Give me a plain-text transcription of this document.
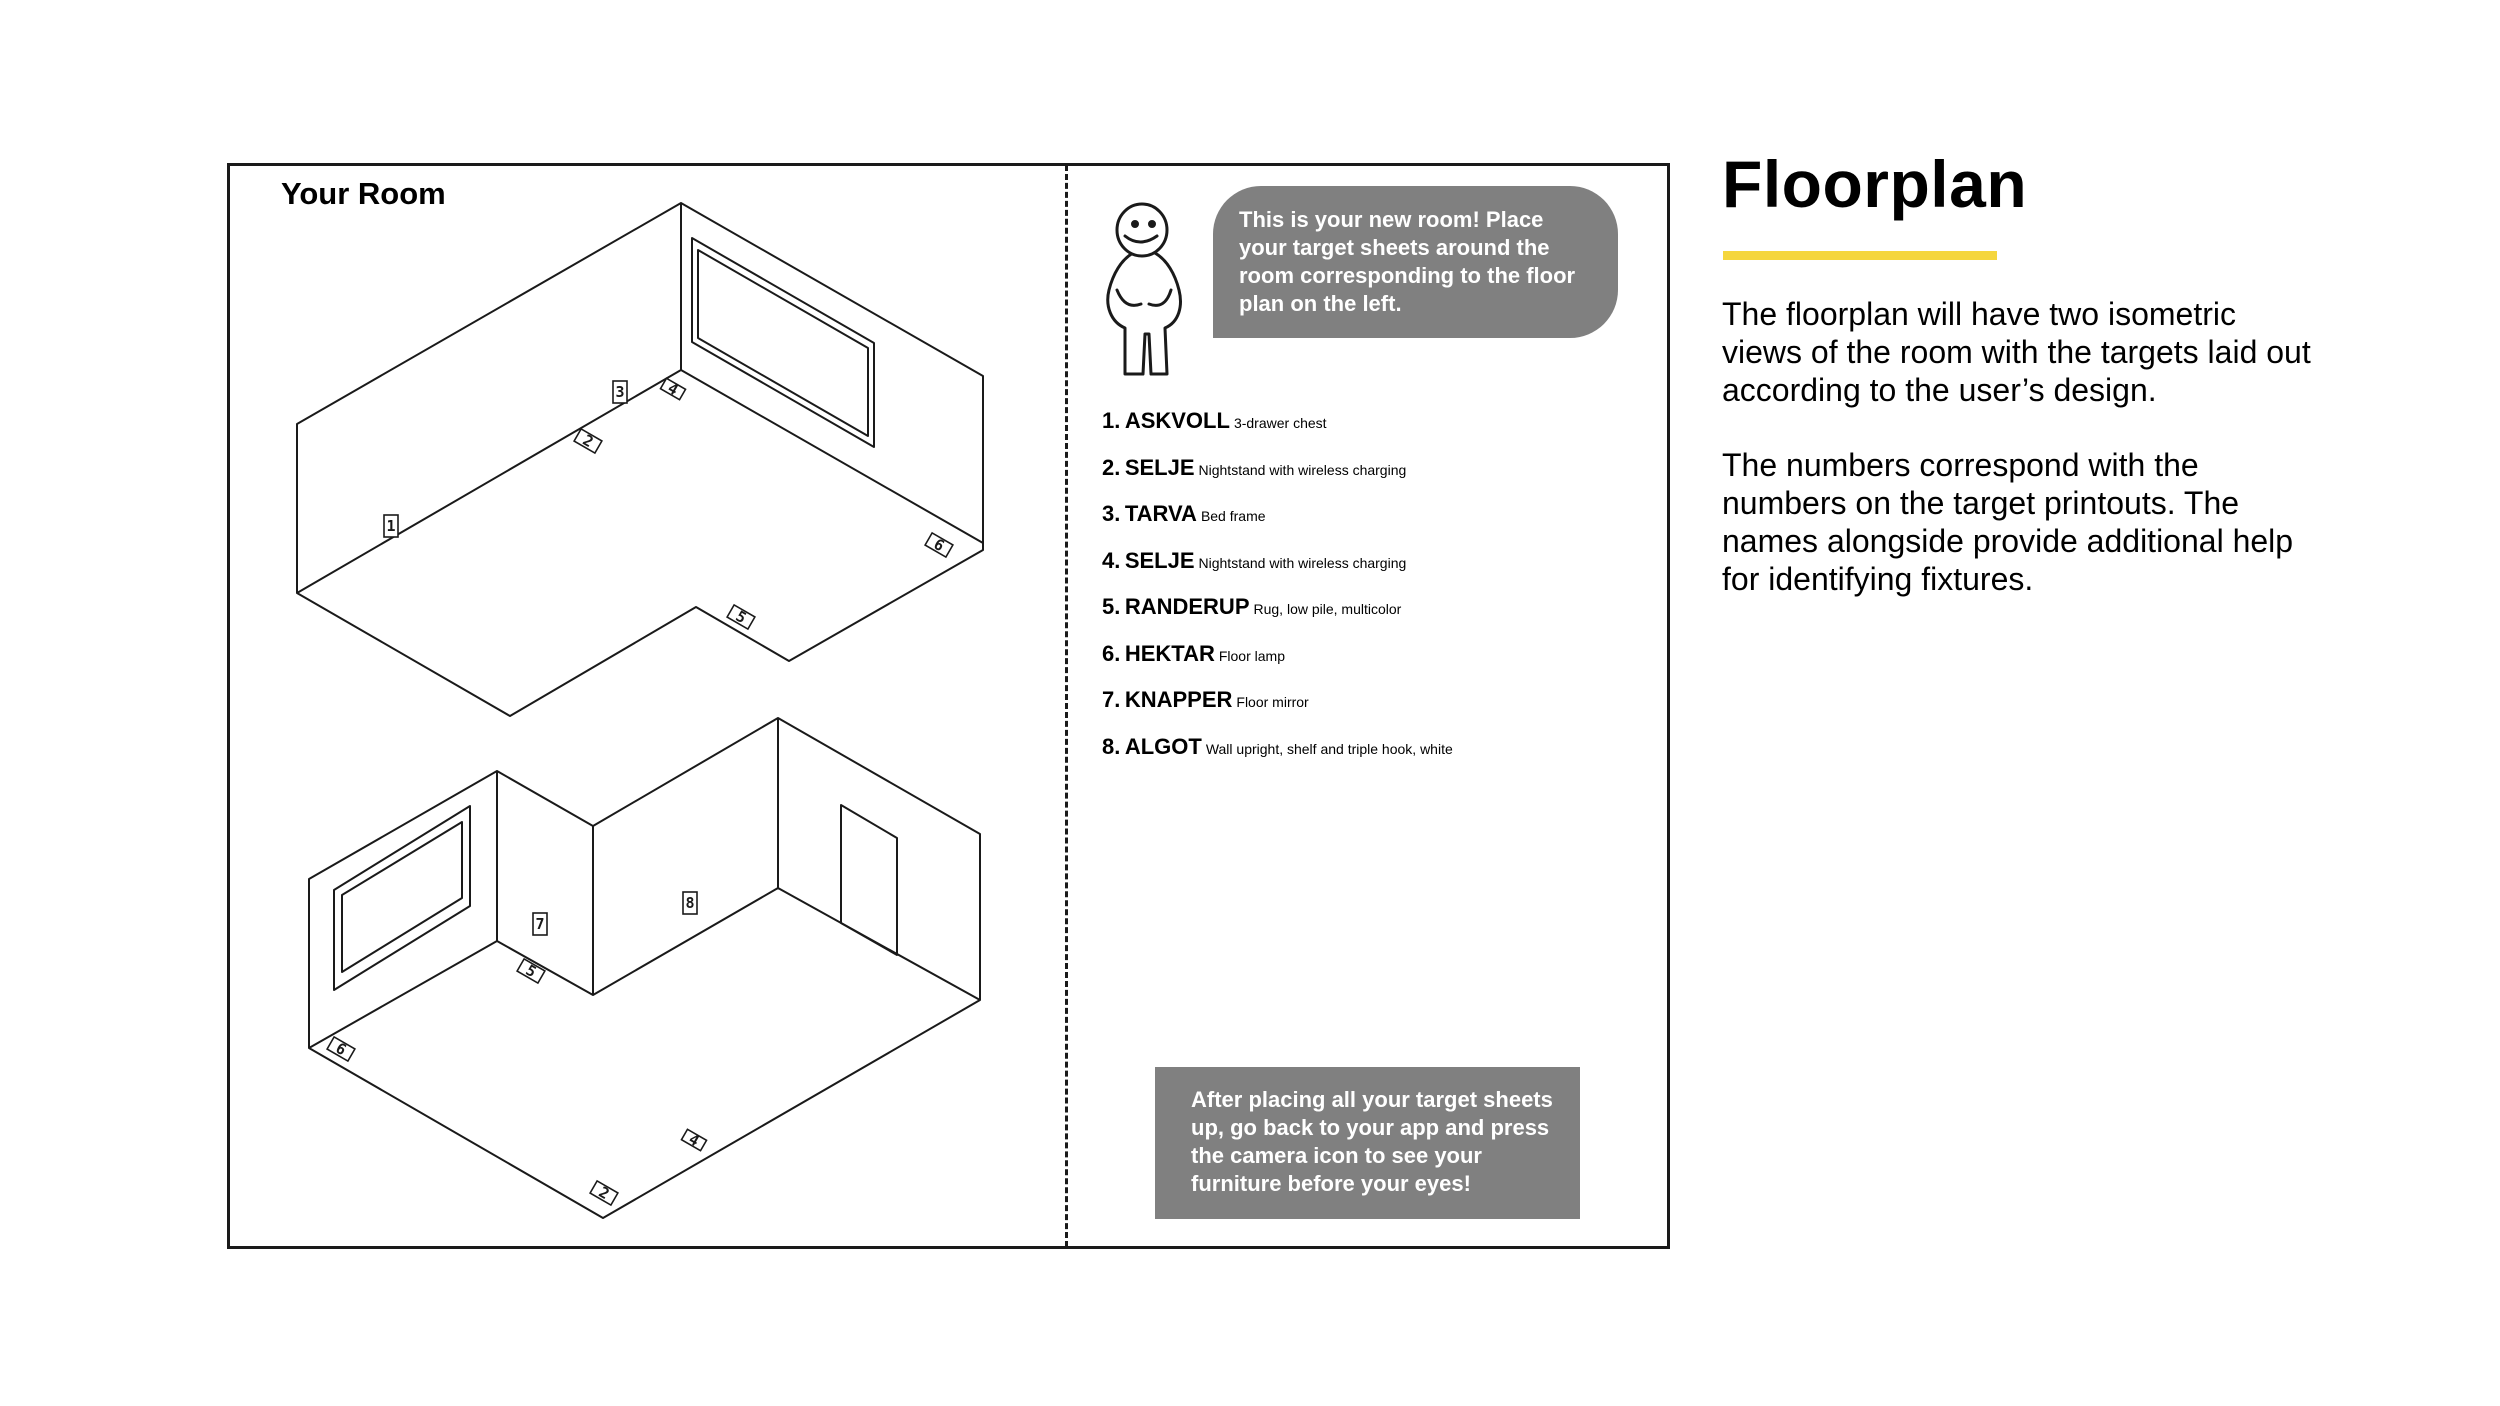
Your Room
1
2
3	4
5
6
7
8
5
6
2
4
This is your new room! Place your target sheets around the room corresponding to the floor plan on the left.
1. ASKVOLL 3-drawer chest
2. SELJE Nightstand with wireless charging
3. TARVA Bed frame
4. SELJE Nightstand with wireless charging
5. RANDERUP Rug, low pile, multicolor
6. HEKTAR Floor lamp
7. KNAPPER Floor mirror
8. ALGOT Wall upright, shelf and triple hook, white
After placing all your target sheets up, go back to your app and press the camera icon to see your furniture before your eyes!
Floorplan

The floorplan will have two isometric views of the room with the targets laid out according to the user’s design.

The numbers correspond with the numbers on the target printouts. The names alongside provide additional help for identifying fixtures.
